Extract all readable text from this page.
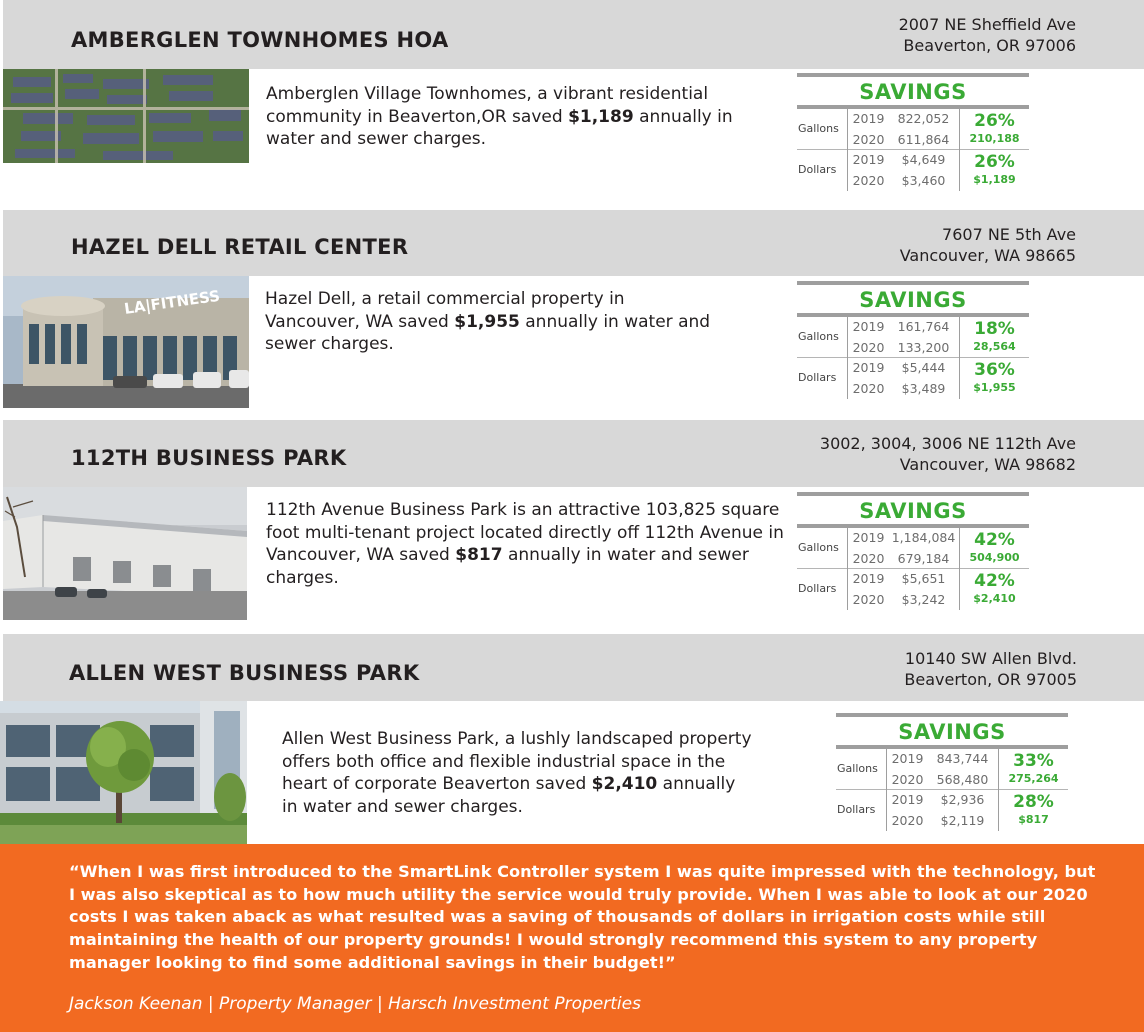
AMBERGLEN TOWNHOMES HOA
2007 NE Sheffield Ave
Beaverton, OR 97006
Amberglen Village Townhomes, a vibrant residential community in Beaverton,OR saved $1,189 annually in water and sewer charges.
SAVINGS
Gallons
2019
2020
822,052
611,864
26%
210,188
Dollars
2019
2020
$4,649
$3,460
26%
$1,189
HAZEL DELL RETAIL CENTER
7607 NE 5th Ave
Vancouver, WA 98665
LA|FITNESS	Hazel Dell, a retail commercial property in Vancouver, WA saved $1,955 annually in water and sewer charges.
SAVINGS
Gallons
2019
2020
161,764
133,200
18%
28,564
Dollars
2019
2020
$5,444
$3,489
36%
$1,955
112TH BUSINESS PARK
3002, 3004, 3006 NE 112th Ave
Vancouver, WA 98682
112th Avenue Business Park is an attractive 103,825 square foot multi-tenant project located directly off 112th Avenue in Vancouver, WA saved $817 annually in water and sewer charges.
SAVINGS
Gallons
2019
2020
1,184,084
679,184
42%
504,900
Dollars
2019
2020
$5,651
$3,242
42%
$2,410
ALLEN WEST BUSINESS PARK
10140 SW Allen Blvd.
Beaverton, OR 97005
Allen West Business Park, a lushly landscaped property offers both office and flexible industrial space in the heart of corporate Beaverton saved $2,410 annually in water and sewer charges.
SAVINGS
Gallons
2019
2020
843,744
568,480
33%
275,264
Dollars
2019
2020
$2,936
$2,119
28%
$817
“When I was first introduced to the SmartLink Controller system I was quite impressed with the technology, but I was also skeptical as to how much utility the service would truly provide. When I was able to look at our 2020 costs I was taken aback as what resulted was a saving of thousands of dollars in irrigation costs while still maintaining the health of our property grounds! I would strongly recommend this system to any property manager looking to find some additional savings in their budget!”
Jackson Keenan | Property Manager | Harsch Investment Properties
